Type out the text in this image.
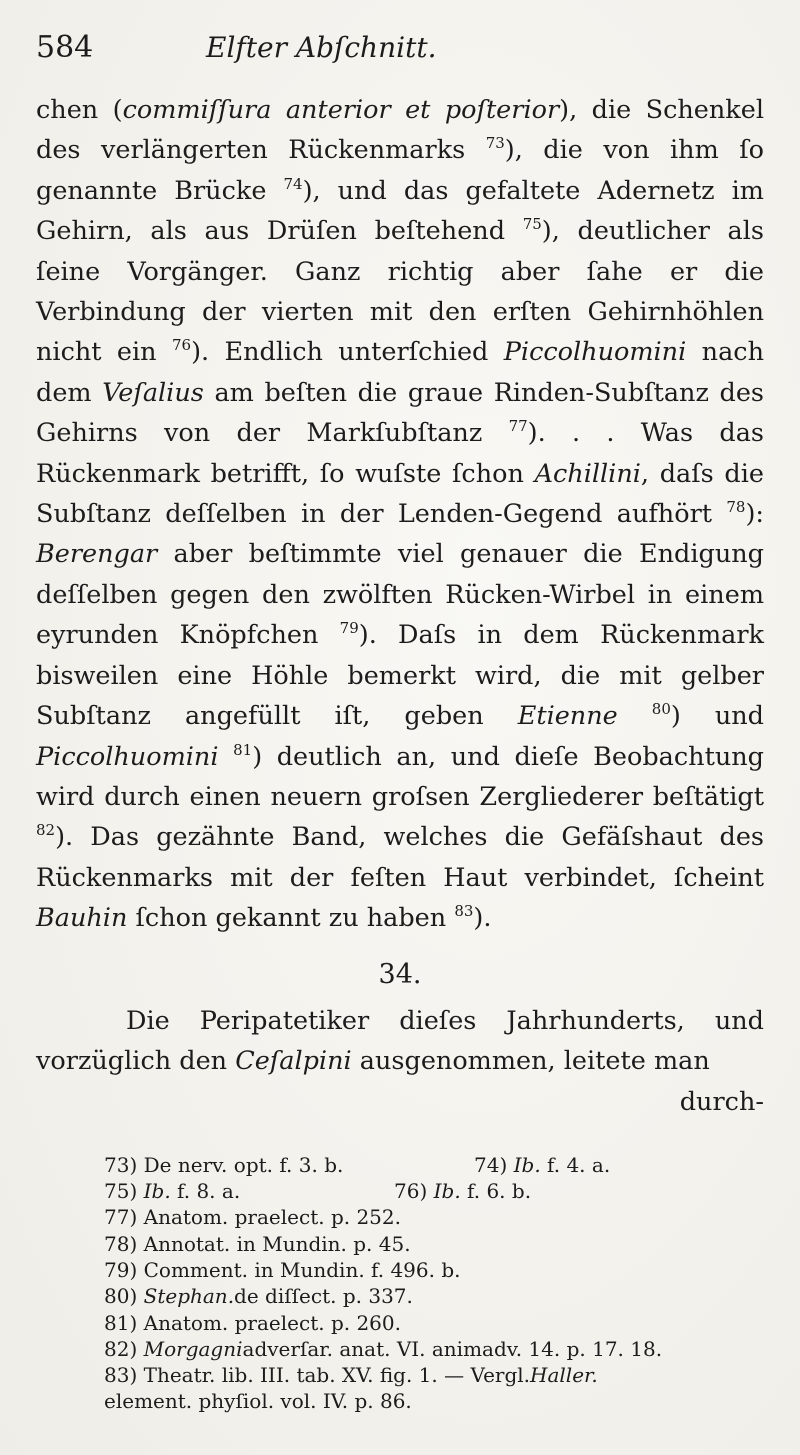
584	Elfter Abſchnitt.

chen (commiſſura anterior et poſterior), die Schenkel des verlängerten Rückenmarks $^{73}$), die von ihm ſo genannte Brücke $^{74}$), und das gefaltete Adernetz im Gehirn, als aus Drüſen beſtehend $^{75}$), deutlicher als ſeine Vorgänger. Ganz richtig aber ſahe er die Verbindung der vierten mit den erſten Gehirnhöhlen nicht ein $^{76}$). Endlich unterſchied Piccolhuomini nach dem Veſalius am beſten die graue Rinden-Subſtanz des Gehirns von der Markſubſtanz $^{77}$). . . Was das Rückenmark betrifft, ſo wuſste ſchon Achillini, daſs die Subſtanz deſſelben in der Lenden-Gegend aufhört $^{78}$): Berengar aber beſtimmte viel genauer die Endigung deſſelben gegen den zwölften Rücken-Wirbel in einem eyrunden Knöpfchen $^{79}$). Daſs in dem Rückenmark bisweilen eine Höhle bemerkt wird, die mit gelber Subſtanz angefüllt iſt, geben Etienne $^{80}$) und Piccolhuomini $^{81}$) deutlich an, und dieſe Beobachtung wird durch einen neuern groſsen Zergliederer beſtätigt $^{82}$). Das gezähnte Band, welches die Gefäſshaut des Rückenmarks mit der feſten Haut verbindet, ſcheint Bauhin ſchon gekannt zu haben $^{83}$).

34.

Die Peripatetiker dieſes Jahrhunderts, und vorzüglich den Ceſalpini ausgenommen, leitete man

durch-
73) De nerv. opt. f. 3. b.	74) Ib. f. 4. a.
75) Ib. f. 8. a.	76) Ib. f. 6. b.
77)
Anatom. praelect. p. 252.
78)
Annotat. in Mundin. p. 45.
79)
Comment. in Mundin. f. 496. b.
80)
Stephan. de diſſect. p. 337.
81)
Anatom. praelect. p. 260.
82)
Morgagni adverſar. anat. VI. animadv. 14. p. 17. 18.
83)
Theatr. lib. III. tab. XV. fig. 1. — Vergl. Haller.
element. phyſiol. vol. IV. p. 86.
